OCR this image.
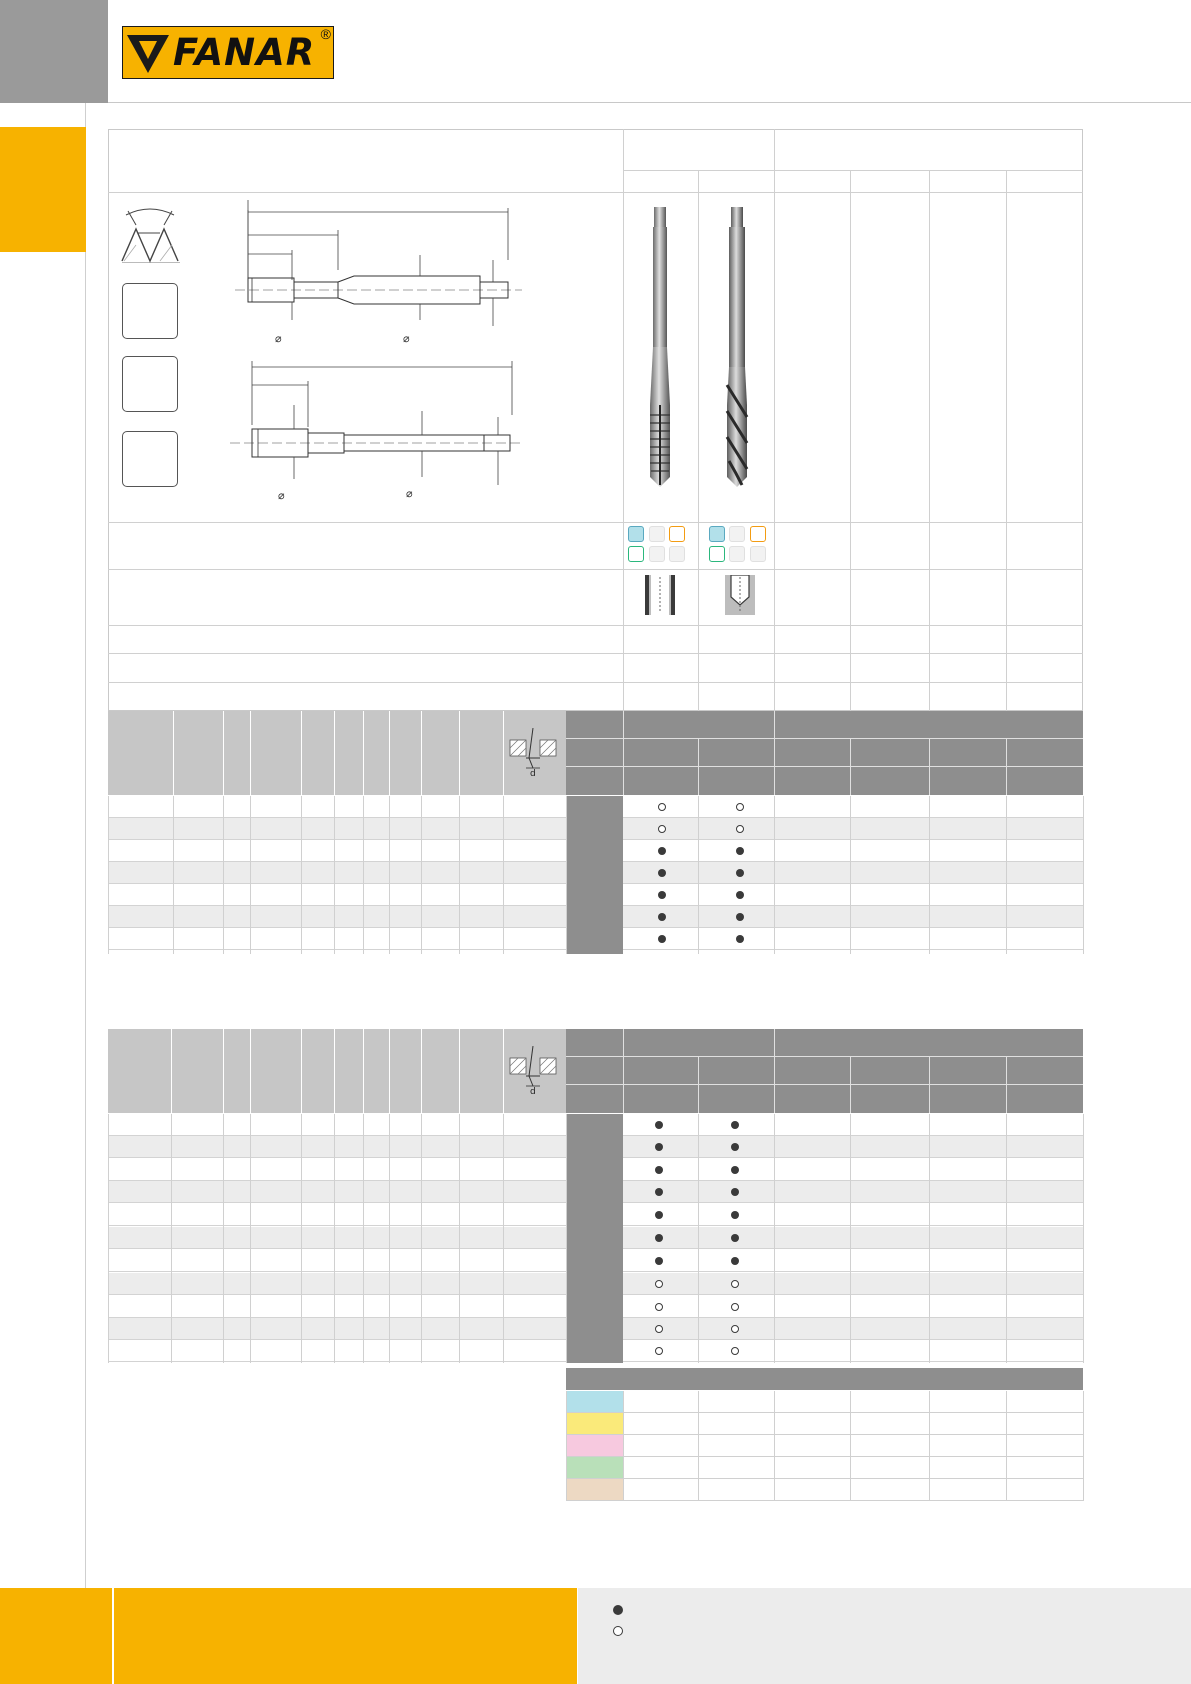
FANAR ®
⌀	⌀
⌀	⌀
d
d
